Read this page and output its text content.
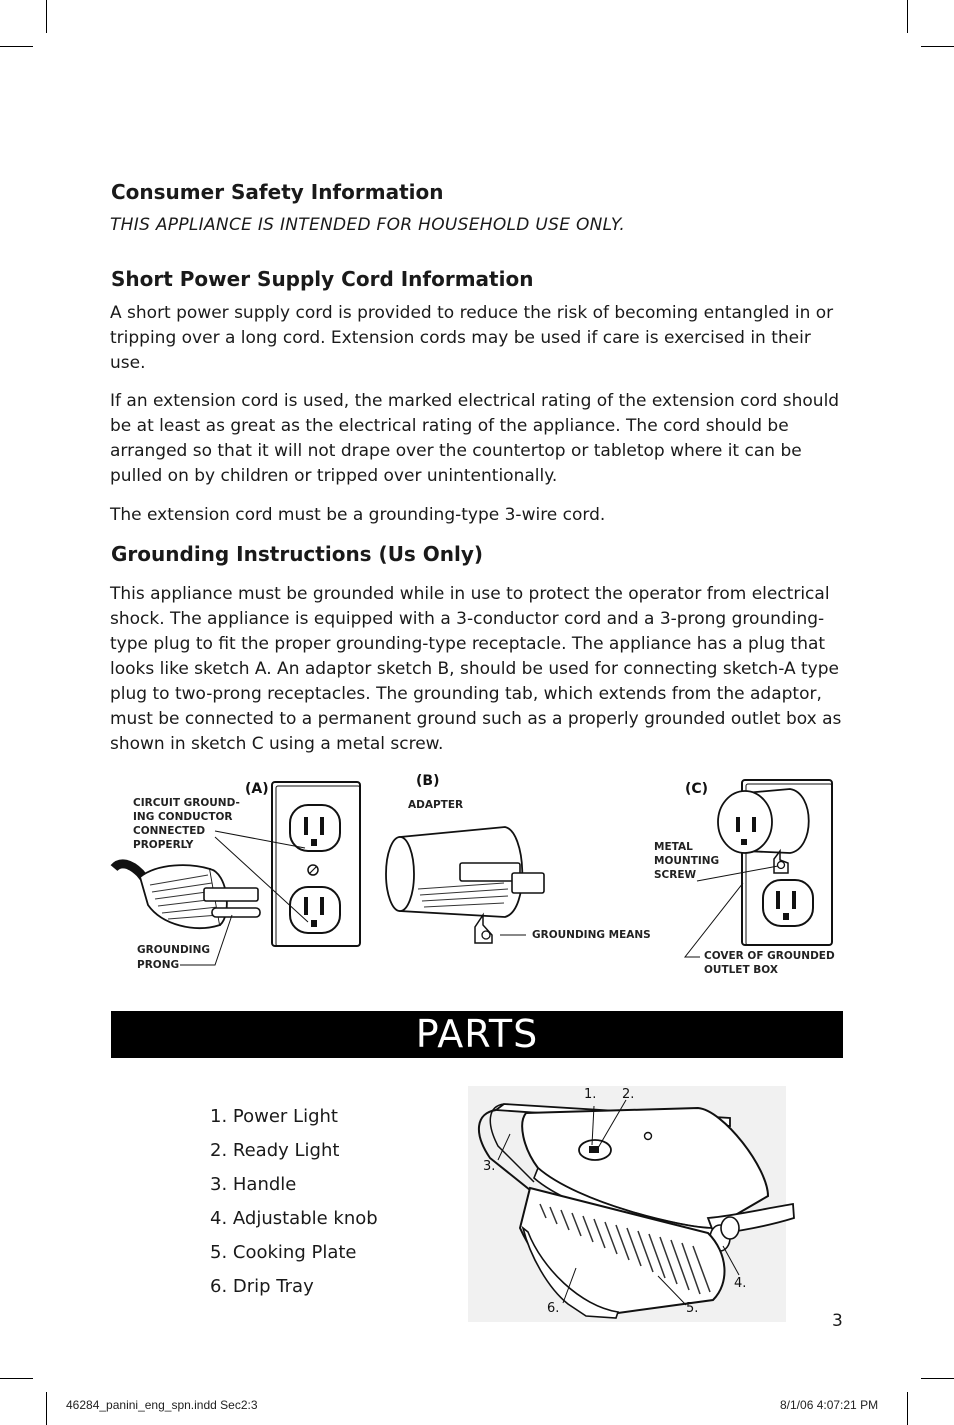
Consumer Safety Information
THIS APPLIANCE IS INTENDED FOR HOUSEHOLD USE ONLY.
Short Power Supply Cord Information
A short power supply cord is provided to reduce the risk of becoming entangled in or tripping over a long cord. Extension cords may be used if care is exercised in their use.
If an extension cord is used, the marked electrical rating of the extension cord should be at least as great as the electrical rating of the appliance. The cord should be arranged so that it will not drape over the countertop or tabletop where it can be pulled on by children or tripped over unintentionally.
The extension cord must be a grounding-type 3-wire cord.
Grounding Instructions (Us Only)
This appliance must be grounded while in use to protect the operator from electrical shock. The appliance is equipped with a 3-conductor cord and a 3-prong grounding-type plug to fit the proper grounding-type receptacle. The appliance has a plug that looks like sketch A. An adaptor sketch B, should be used for connecting sketch-A type plug to two-prong receptacles. The grounding tab, which extends from the adaptor, must be connected to a permanent ground such as a properly grounded outlet box as shown in sketch C using a metal screw.
(A)
CIRCUIT GROUND-
ING CONDUCTOR
CONNECTED
PROPERLY
GROUNDING
PRONG
(B)
ADAPTER
GROUNDING MEANS
(C)
METAL
MOUNTING
SCREW
COVER OF GROUNDED
OUTLET BOX
PARTS
1. Power Light
2. Ready Light
3. Handle
4. Adjustable knob
5. Cooking Plate
6. Drip Tray
1. 2.
3.
4.
5.
6.
3
46284_panini_eng_spn.indd Sec2:3	8/1/06 4:07:21 PM
